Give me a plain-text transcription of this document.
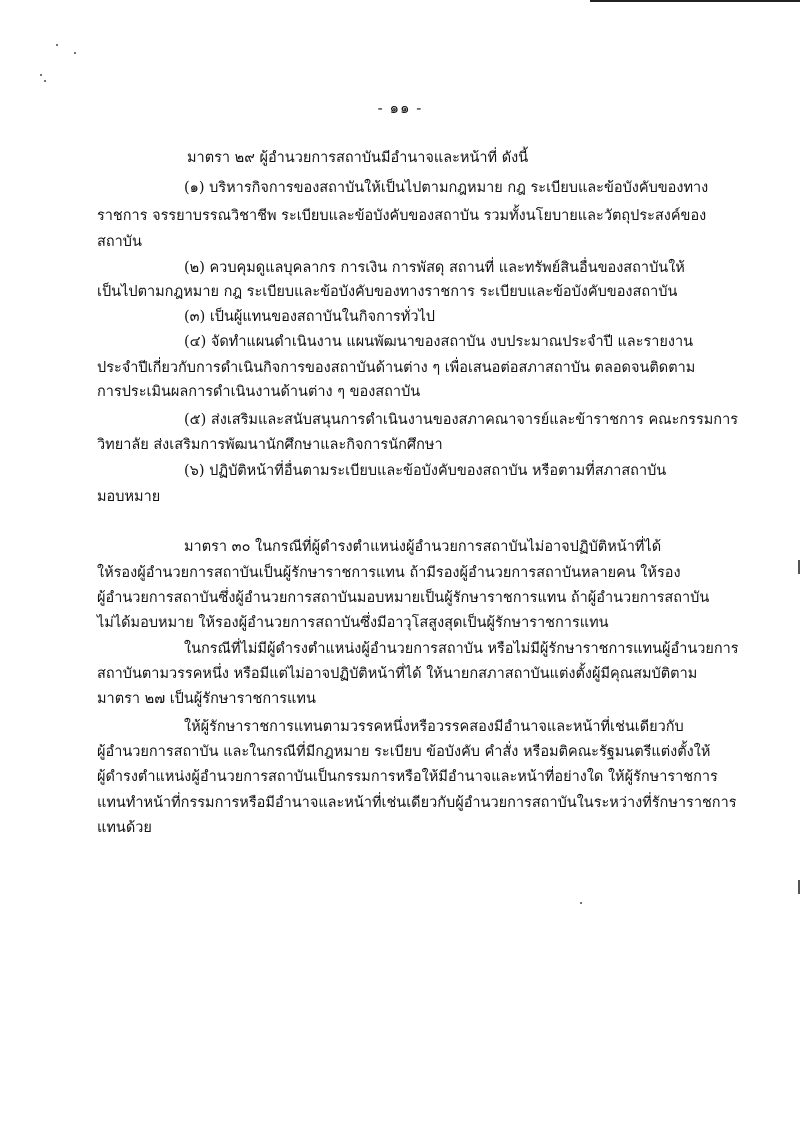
- ๑๑ -
มาตรา ๒๙ ผู้อำนวยการสถาบันมีอำนาจและหน้าที่ ดังนี้
(๑) บริหารกิจการของสถาบันให้เป็นไปตามกฎหมาย กฎ ระเบียบและข้อบังคับของทาง
ราชการ จรรยาบรรณวิชาชีพ ระเบียบและข้อบังคับของสถาบัน รวมทั้งนโยบายและวัตถุประสงค์ของ
สถาบัน
(๒) ควบคุมดูแลบุคลากร การเงิน การพัสดุ สถานที่ และทรัพย์สินอื่นของสถาบันให้
เป็นไปตามกฎหมาย กฎ ระเบียบและข้อบังคับของทางราชการ ระเบียบและข้อบังคับของสถาบัน
(๓) เป็นผู้แทนของสถาบันในกิจการทั่วไป
(๔) จัดทำแผนดำเนินงาน แผนพัฒนาของสถาบัน งบประมาณประจำปี และรายงาน
ประจำปีเกี่ยวกับการดำเนินกิจการของสถาบันด้านต่าง ๆ เพื่อเสนอต่อสภาสถาบัน ตลอดจนติดตาม
การประเมินผลการดำเนินงานด้านต่าง ๆ ของสถาบัน
(๕) ส่งเสริมและสนับสนุนการดำเนินงานของสภาคณาจารย์และข้าราชการ คณะกรรมการ
วิทยาลัย ส่งเสริมการพัฒนานักศึกษาและกิจการนักศึกษา
(๖) ปฏิบัติหน้าที่อื่นตามระเบียบและข้อบังคับของสถาบัน หรือตามที่สภาสถาบัน
มอบหมาย
มาตรา ๓๐ ในกรณีที่ผู้ดำรงตำแหน่งผู้อำนวยการสถาบันไม่อาจปฏิบัติหน้าที่ได้
ให้รองผู้อำนวยการสถาบันเป็นผู้รักษาราชการแทน ถ้ามีรองผู้อำนวยการสถาบันหลายคน ให้รอง
ผู้อำนวยการสถาบันซึ่งผู้อำนวยการสถาบันมอบหมายเป็นผู้รักษาราชการแทน ถ้าผู้อำนวยการสถาบัน
ไม่ได้มอบหมาย ให้รองผู้อำนวยการสถาบันซึ่งมีอาวุโสสูงสุดเป็นผู้รักษาราชการแทน
ในกรณีที่ไม่มีผู้ดำรงตำแหน่งผู้อำนวยการสถาบัน หรือไม่มีผู้รักษาราชการแทนผู้อำนวยการ
สถาบันตามวรรคหนึ่ง หรือมีแต่ไม่อาจปฏิบัติหน้าที่ได้ ให้นายกสภาสถาบันแต่งตั้งผู้มีคุณสมบัติตาม
มาตรา ๒๗ เป็นผู้รักษาราชการแทน
ให้ผู้รักษาราชการแทนตามวรรคหนึ่งหรือวรรคสองมีอำนาจและหน้าที่เช่นเดียวกับ
ผู้อำนวยการสถาบัน และในกรณีที่มีกฎหมาย ระเบียบ ข้อบังคับ คำสั่ง หรือมติคณะรัฐมนตรีแต่งตั้งให้
ผู้ดำรงตำแหน่งผู้อำนวยการสถาบันเป็นกรรมการหรือให้มีอำนาจและหน้าที่อย่างใด ให้ผู้รักษาราชการ
แทนทำหน้าที่กรรมการหรือมีอำนาจและหน้าที่เช่นเดียวกับผู้อำนวยการสถาบันในระหว่างที่รักษาราชการ
แทนด้วย
